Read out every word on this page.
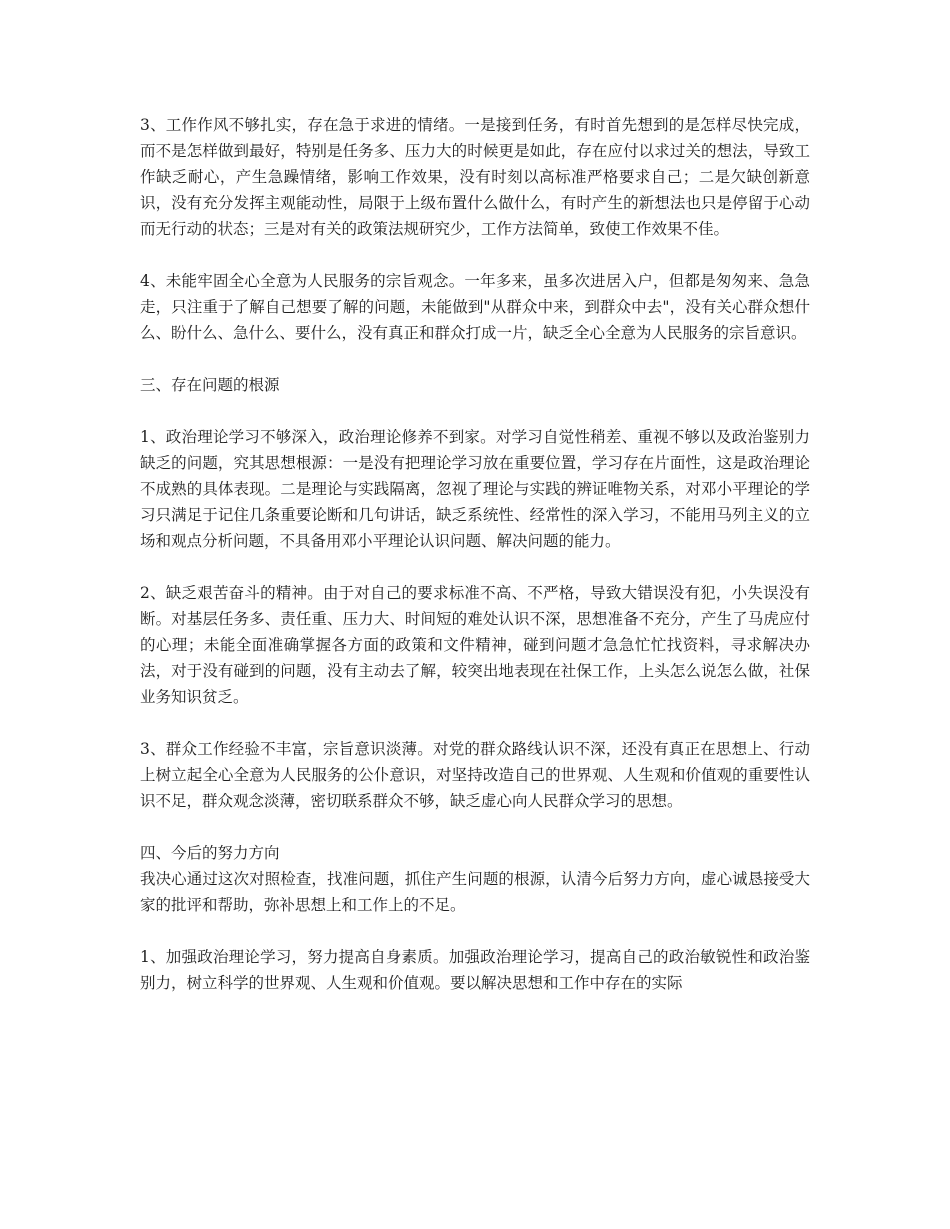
3、工作作风不够扎实，存在急于求进的情绪。一是接到任务，有时首先想到的是怎样尽快完成，而不是怎样做到最好，特别是任务多、压力大的时候更是如此，存在应付以求过关的想法，导致工作缺乏耐心，产生急躁情绪，影响工作效果，没有时刻以高标准严格要求自己；二是欠缺创新意识，没有充分发挥主观能动性，局限于上级布置什么做什么，有时产生的新想法也只是停留于心动而无行动的状态；三是对有关的政策法规研究少，工作方法简单，致使工作效果不佳。

4、未能牢固全心全意为人民服务的宗旨观念。一年多来，虽多次进居入户，但都是匆匆来、急急走，只注重于了解自己想要了解的问题，未能做到"从群众中来，到群众中去"，没有关心群众想什么、盼什么、急什么、要什么，没有真正和群众打成一片，缺乏全心全意为人民服务的宗旨意识。

三、存在问题的根源

1、政治理论学习不够深入，政治理论修养不到家。对学习自觉性稍差、重视不够以及政治鉴别力缺乏的问题，究其思想根源：一是没有把理论学习放在重要位置，学习存在片面性，这是政治理论不成熟的具体表现。二是理论与实践隔离，忽视了理论与实践的辨证唯物关系，对邓小平理论的学习只满足于记住几条重要论断和几句讲话，缺乏系统性、经常性的深入学习，不能用马列主义的立场和观点分析问题，不具备用邓小平理论认识问题、解决问题的能力。

2、缺乏艰苦奋斗的精神。由于对自己的要求标准不高、不严格，导致大错误没有犯，小失误没有断。对基层任务多、责任重、压力大、时间短的难处认识不深，思想准备不充分，产生了马虎应付的心理；未能全面准确掌握各方面的政策和文件精神，碰到问题才急急忙忙找资料，寻求解决办法，对于没有碰到的问题，没有主动去了解，较突出地表现在社保工作，上头怎么说怎么做，社保业务知识贫乏。

3、群众工作经验不丰富，宗旨意识淡薄。对党的群众路线认识不深，还没有真正在思想上、行动上树立起全心全意为人民服务的公仆意识，对坚持改造自己的世界观、人生观和价值观的重要性认识不足，群众观念淡薄，密切联系群众不够，缺乏虚心向人民群众学习的思想。

四、今后的努力方向

我决心通过这次对照检查，找准问题，抓住产生问题的根源，认清今后努力方向，虚心诚恳接受大家的批评和帮助，弥补思想上和工作上的不足。

1、加强政治理论学习，努力提高自身素质。加强政治理论学习，提高自己的政治敏锐性和政治鉴别力，树立科学的世界观、人生观和价值观。要以解决思想和工作中存在的实际
